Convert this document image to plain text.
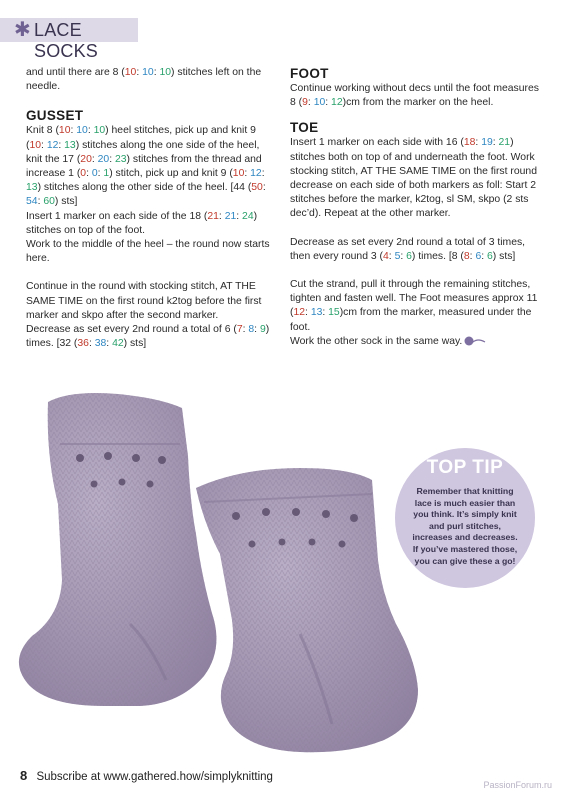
✱ LACE SOCKS

and until there are 8 (10: 10: 10) stitches left on the needle.

GUSSET

Knit 8 (10: 10: 10) heel stitches, pick up and knit 9 (10: 12: 13) stitches along the one side of the heel, knit the 17 (20: 20: 23) stitches from the thread and increase 1 (0: 0: 1) stitch, pick up and knit 9 (10: 12: 13) stitches along the other side of the heel. [44 (50: 54: 60) sts]

Insert 1 marker on each side of the 18 (21: 21: 24) stitches on top of the foot.

Work to the middle of the heel – the round now starts here.

Continue in the round with stocking stitch, AT THE SAME TIME on the first round k2tog before the first marker and skpo after the second marker.

Decrease as set every 2nd round a total of 6 (7: 8: 9) times. [32 (36: 38: 42) sts]

FOOT

Continue working without decs until the foot measures 8 (9: 10: 12)cm from the marker on the heel.

TOE

Insert 1 marker on each side with 16 (18: 19: 21) stitches both on top of and underneath the foot. Work stocking stitch, AT THE SAME TIME on the first round decrease on each side of both markers as foll: Start 2 stitches before the marker, k2tog, sl SM, skpo (2 sts dec’d). Repeat at the other marker.

Decrease as set every 2nd round a total of 3 times, then every round 3 (4: 5: 6) times. [8 (8: 6: 6) sts]

Cut the strand, pull it through the remaining stitches, tighten and fasten well. The Foot measures approx 11 (12: 13: 15)cm from the marker, measured under the foot.

Work the other sock in the same way.

TOP TIP
Remember that knitting lace is much easier than you think. It’s simply knit and purl stitches, increases and decreases. If you’ve mastered those, you can give these a go!
8 Subscribe at www.gathered.how/simplyknitting
PassionForum.ru
